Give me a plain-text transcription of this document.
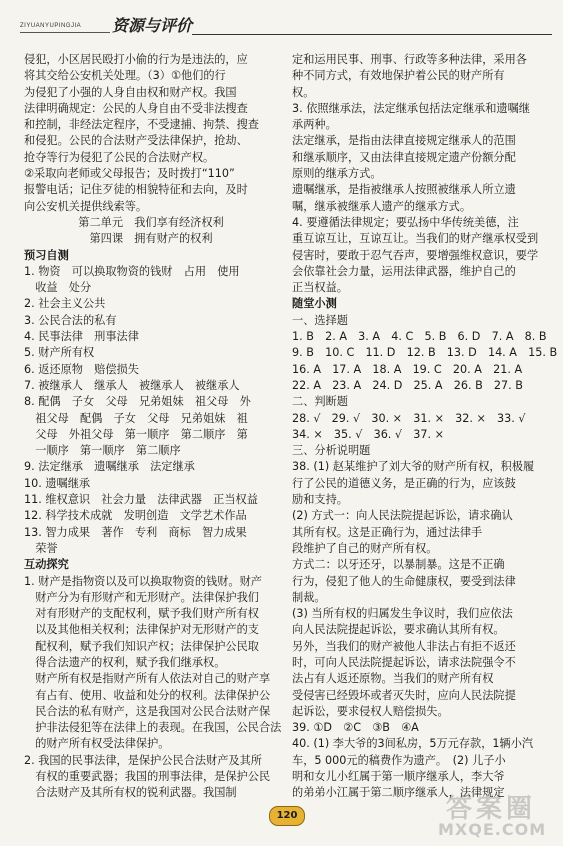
ZIYUANYUPINGJIA 资源与评价
侵犯，小区居民殴打小偷的行为是违法的，应
将其交给公安机关处理。（3）①他们的行
为侵犯了小强的人身自由权和财产权。我国
法律明确规定：公民的人身自由不受非法搜查
和控制，非经法定程序，不受逮捕、拘禁、搜查
和侵犯。公民的合法财产受法律保护，抢劫、
抢夺等行为侵犯了公民的合法财产权。
②采取向老师或父母报告；及时拨打“110”
报警电话；记住歹徒的相貌特征和去向，及时
向公安机关提供线索等。
第二单元　我们享有经济权利
第四课　拥有财产的权利
预习自测
1. 物资　可以换取物资的钱财　占用　使用
　收益　处分
2. 社会主义公共
3. 公民合法的私有
4. 民事法律　刑事法律
5. 财产所有权
6. 返还原物　赔偿损失
7. 被继承人　继承人　被继承人　被继承人
8. 配偶　子女　父母　兄弟姐妹　祖父母　外
　祖父母　配偶　子女　父母　兄弟姐妹　祖
　父母　外祖父母　第一顺序　第二顺序　第
　一顺序　第一顺序　第二顺序
9. 法定继承　遗嘱继承　法定继承
10. 遗嘱继承
11. 维权意识　社会力量　法律武器　正当权益
12. 科学技术成就　发明创造　文学艺术作品
13. 智力成果　著作　专利　商标　智力成果
　荣誉
互动探究
1. 财产是指物资以及可以换取物资的钱财。财产
　财产分为有形财产和无形财产。法律保护我们
　对有形财产的支配权利，赋予我们财产所有权
　以及其他相关权利；法律保护对无形财产的支
　配权利，赋予我们知识产权；法律保护公民取
　得合法遗产的权利，赋予我们继承权。
　财产所有权是指财产所有人依法对自己的财产享
　有占有、使用、收益和处分的权利。法律保护公
　民合法的私有财产，这是我国对公民合法财产保
　护非法侵犯等在法律上的表现。在我国，公民合法
　的财产所有权受法律保护。
2. 我国的民事法律，是保护公民合法财产及其所
　有权的重要武器；我国的刑事法律，是保护公民
　合法财产及其所有权的锐利武器。我国制
定和运用民事、刑事、行政等多种法律，采用各
种不同方式，有效地保护着公民的财产所有
权。
3. 依照继承法，法定继承包括法定继承和遗嘱继
承两种。
法定继承，是指由法律直接规定继承人的范围
和继承顺序，又由法律直接规定遗产份额分配
原则的继承方式。
遗嘱继承，是指被继承人按照被继承人所立遗
嘱，继承被继承人遗产的继承方式。
4. 要遵循法律规定；要弘扬中华传统美德，注
重互谅互让，互谅互让。当我们的财产继承权受到
侵害时，要敢于忍气吞声，要增强维权意识，要学
会依靠社会力量，运用法律武器，维护自己的
正当权益。
随堂小测
一、选择题
1. B　2. A　3. A　4. C　5. B　6. D　7. A　8. B
9. B　10. C　11. D　12. B　13. D　14. A　15. B
16. A　17. A　18. A　19. C　20. A　21. A
22. A　23. A　24. D　25. A　26. B　27. B
二、判断题
28. √　29. √　30. ×　31. ×　32. ×　33. √
34. ×　35. √　36. √　37. ×
三、分析说明题
38. (1) 赵某维护了刘大爷的财产所有权，积极履
行了公民的道德义务，是正确的行为，应该鼓
励和支持。
(2) 方式一：向人民法院提起诉讼，请求确认
其所有权。这是正确行为，通过法律手
段维护了自己的财产所有权。
方式二：以牙还牙，以暴制暴。这是不正确
行为，侵犯了他人的生命健康权，要受到法律
制裁。
(3) 当所有权的归属发生争议时，我们应依法
向人民法院提起诉讼，要求确认其所有权。
另外，当我们的财产被他人非法占有拒不返还
时，可向人民法院提起诉讼，请求法院强令不
法占有人返还原物。当我们的财产所有权
受侵害已经毁坏或者灭失时，应向人民法院提
起诉讼，要求侵权人赔偿损失。
39. ①D　②C　③B　④A
40. (1) 李大爷的3间私房，5万元存款，1辆小汽
车，5 000元的稿费作为遗产。　(2) 儿子小
明和女儿小红属于第一顺序继承人，李大爷
的弟弟小江属于第二顺序继承人，法律规定
120	答案圈
MXQE.COM
